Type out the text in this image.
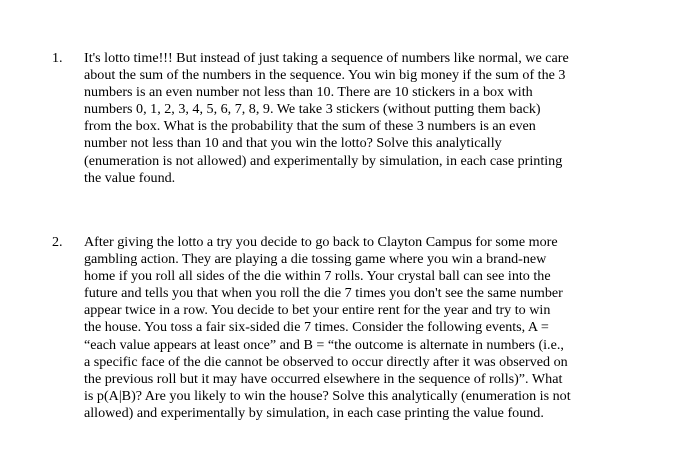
1.	It's lotto time!!! But instead of just taking a sequence of numbers like normal, we care
about the sum of the numbers in the sequence. You win big money if the sum of the 3
numbers is an even number not less than 10. There are 10 stickers in a box with
numbers 0, 1, 2, 3, 4, 5, 6, 7, 8, 9. We take 3 stickers (without putting them back)
from the box. What is the probability that the sum of these 3 numbers is an even
number not less than 10 and that you win the lotto? Solve this analytically
(enumeration is not allowed) and experimentally by simulation, in each case printing
the value found.
2.	After giving the lotto a try you decide to go back to Clayton Campus for some more
gambling action. They are playing a die tossing game where you win a brand-new
home if you roll all sides of the die within 7 rolls. Your crystal ball can see into the
future and tells you that when you roll the die 7 times you don't see the same number
appear twice in a row. You decide to bet your entire rent for the year and try to win
the house. You toss a fair six-sided die 7 times. Consider the following events, A =
“each value appears at least once” and B = “the outcome is alternate in numbers (i.e.,
a specific face of the die cannot be observed to occur directly after it was observed on
the previous roll but it may have occurred elsewhere in the sequence of rolls)”. What
is p(A|B)? Are you likely to win the house? Solve this analytically (enumeration is not
allowed) and experimentally by simulation, in each case printing the value found.
